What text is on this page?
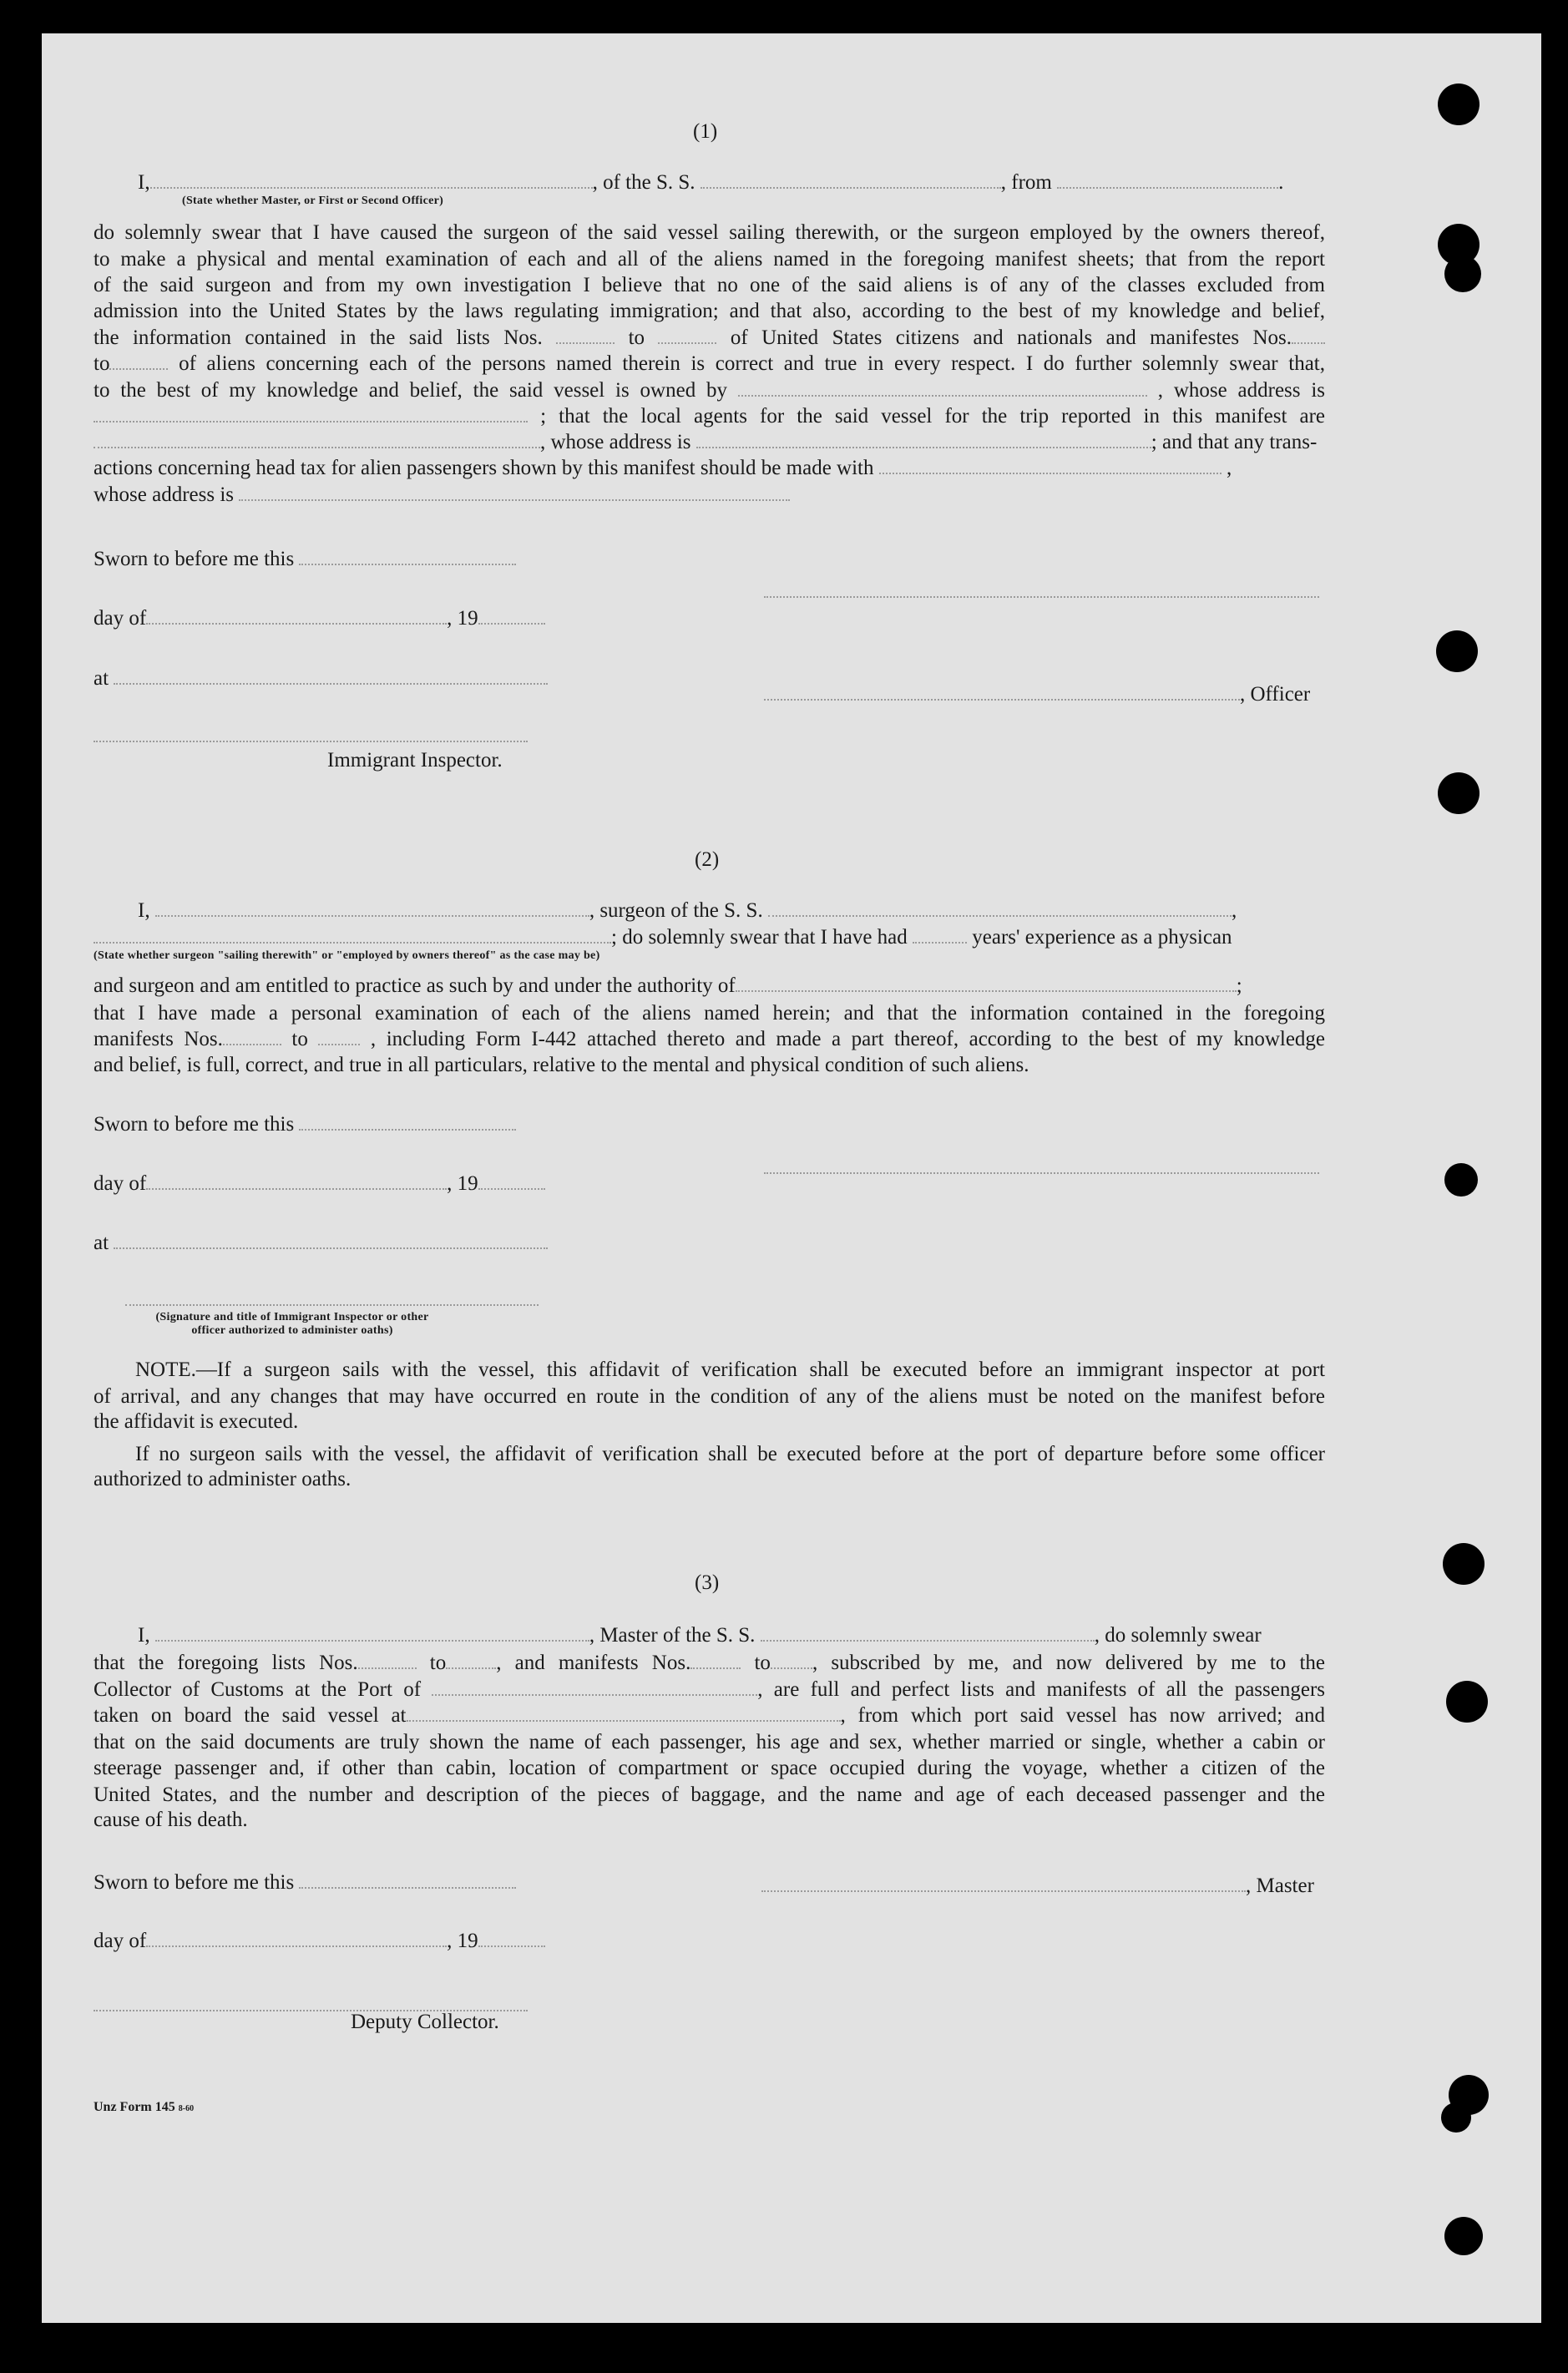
(1)
I,	, of the S. S.	, from	.
(State whether Master, or First or Second Officer)
do solemnly swear that I have caused the surgeon of the said vessel sailing therewith, or the surgeon employed by the owners thereof,
to make a physical and mental examination of each and all of the aliens named in the foregoing manifest sheets; that from the report
of the said surgeon and from my own investigation I believe that no one of the said aliens is of any of the classes excluded from
admission into the United States by the laws regulating immigration; and that also, according to the best of my knowledge and belief,
the information contained in the said lists Nos.	to	of United States citizens and nationals and manifestes Nos.
to	of aliens concerning each of the persons named therein is correct and true in every respect. I do further solemnly swear that,
to the best of my knowledge and belief, the said vessel is owned by	, whose address is
; that the local agents for the said vessel for the trip reported in this manifest are
, whose address is	; and that any trans-
actions concerning head tax for alien passengers shown by this manifest should be made with	,
whose address is
Sworn to before me this
day of	, 19
at
, Officer
Immigrant Inspector.
(2)
I,	, surgeon of the S. S.	,
; do solemnly swear that I have had	years' experience as a physican
(State whether surgeon "sailing therewith" or "employed by owners thereof" as the case may be)
and surgeon and am entitled to practice as such by and under the authority of	;
that I have made a personal examination of each of the aliens named herein; and that the information contained in the foregoing
manifests Nos.	to	, including Form I-442 attached thereto and made a part thereof, according to the best of my knowledge
and belief, is full, correct, and true in all particulars, relative to the mental and physical condition of such aliens.
Sworn to before me this
day of	, 19
at
(Signature and title of Immigrant Inspector or other
officer authorized to administer oaths)
NOTE.—If a surgeon sails with the vessel, this affidavit of verification shall be executed before an immigrant inspector at port
of arrival, and any changes that may have occurred en route in the condition of any of the aliens must be noted on the manifest before
the affidavit is executed.
If no surgeon sails with the vessel, the affidavit of verification shall be executed before at the port of departure before some officer
authorized to administer oaths.
(3)
I,	, Master of the S. S.	, do solemnly swear
that the foregoing lists Nos.	to , and manifests Nos.	to , subscribed by me, and now delivered by me to the
Collector of Customs at the Port of	, are full and perfect lists and manifests of all the passengers
taken on board the said vessel at	, from which port said vessel has now arrived; and
that on the said documents are truly shown the name of each passenger, his age and sex, whether married or single, whether a cabin or
steerage passenger and, if other than cabin, location of compartment or space occupied during the voyage, whether a citizen of the
United States, and the number and description of the pieces of baggage, and the name and age of each deceased passenger and the
cause of his death.
Sworn to before me this	, Master
day of	, 19
Deputy Collector.
Unz Form 145 8-60
